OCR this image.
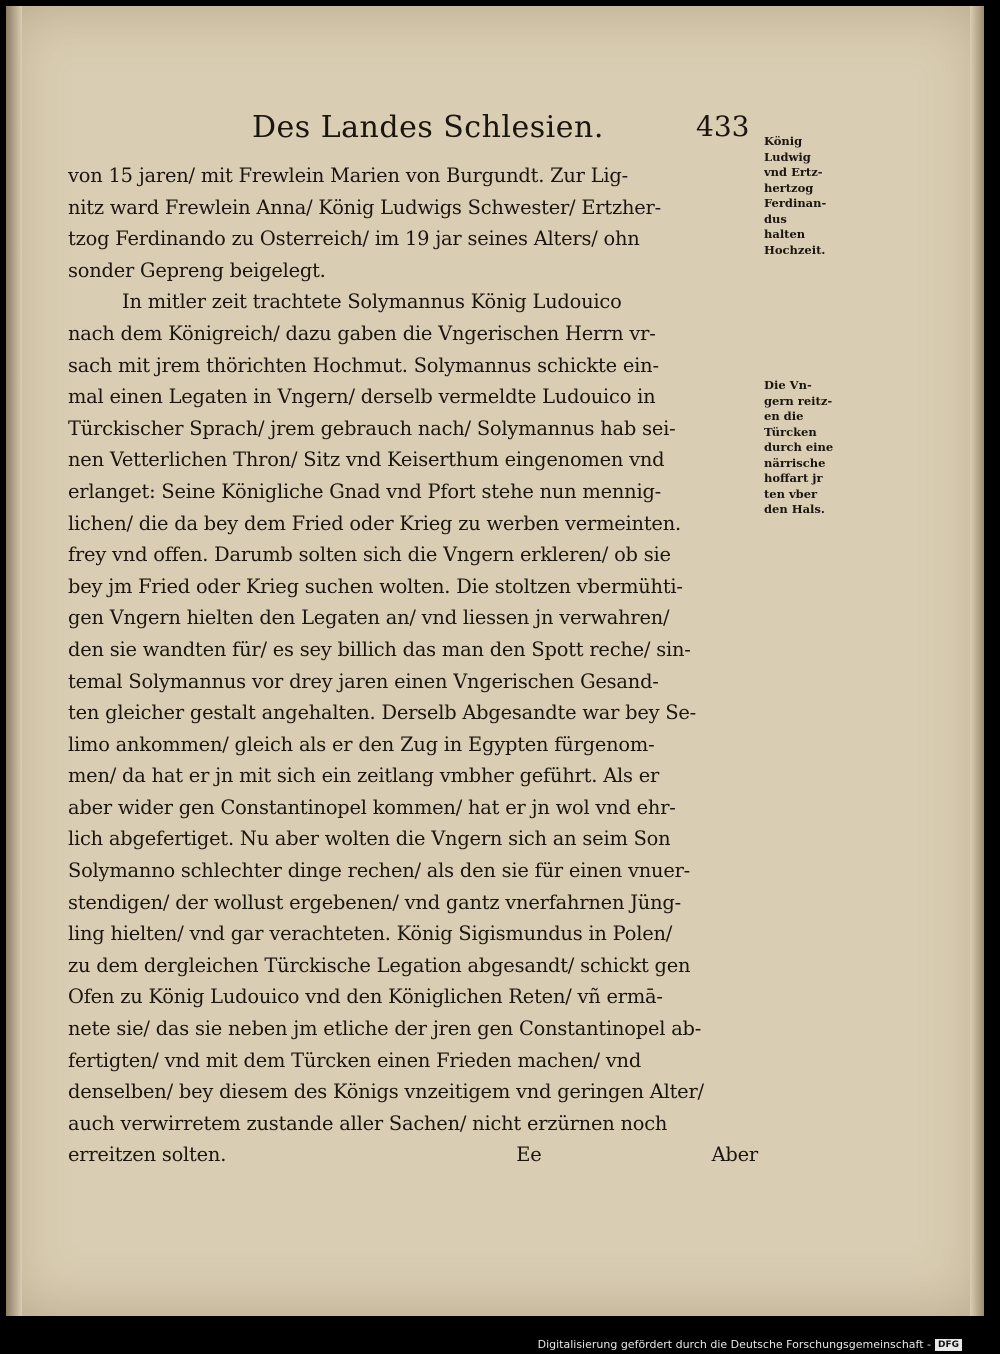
Des Landes Schlesien.	433
von 15 jaren/ mit Frewlein Marien von Burgundt. Zur Lig-
nitz ward Frewlein Anna/ König Ludwigs Schwester/ Ertzher-
tzog Ferdinando zu Osterreich/ im 19 jar seines Alters/ ohn
sonder Gepreng beigelegt.
In mitler zeit trachtete Solymannus König Ludouico
nach dem Königreich/ dazu gaben die Vngerischen Herrn vr-
sach mit jrem thörichten Hochmut. Solymannus schickte ein-
mal einen Legaten in Vngern/ derselb vermeldte Ludouico in
Türckischer Sprach/ jrem gebrauch nach/ Solymannus hab sei-
nen Vetterlichen Thron/ Sitz vnd Keiserthum eingenomen vnd
erlanget: Seine Königliche Gnad vnd Pfort stehe nun mennig-
lichen/ die da bey dem Fried oder Krieg zu werben vermeinten.
frey vnd offen. Darumb solten sich die Vngern erkleren/ ob sie
bey jm Fried oder Krieg suchen wolten. Die stoltzen vbermühti-
gen Vngern hielten den Legaten an/ vnd liessen jn verwahren/
den sie wandten für/ es sey billich das man den Spott reche/ sin-
temal Solymannus vor drey jaren einen Vngerischen Gesand-
ten gleicher gestalt angehalten. Derselb Abgesandte war bey Se-
limo ankommen/ gleich als er den Zug in Egypten fürgenom-
men/ da hat er jn mit sich ein zeitlang vmbher geführt. Als er
aber wider gen Constantinopel kommen/ hat er jn wol vnd ehr-
lich abgefertiget. Nu aber wolten die Vngern sich an seim Son
Solymanno schlechter dinge rechen/ als den sie für einen vnuer-
stendigen/ der wollust ergebenen/ vnd gantz vnerfahrnen Jüng-
ling hielten/ vnd gar verachteten. König Sigismundus in Polen/
zu dem dergleichen Türckische Legation abgesandt/ schickt gen
Ofen zu König Ludouico vnd den Königlichen Reten/ vñ ermā-
nete sie/ das sie neben jm etliche der jren gen Constantinopel ab-
fertigten/ vnd mit dem Türcken einen Frieden machen/ vnd
denselben/ bey diesem des Königs vnzeitigem vnd geringen Alter/
auch verwirretem zustande aller Sachen/ nicht erzürnen noch
erreitzen solten.	Ee	Aber
König
Ludwig
vnd Ertz-
hertzog
Ferdinan-
dus
halten
Hochzeit.
Die Vn-
gern reitz-
en die
Türcken
durch eine
närrische
hoffart jr
ten vber
den Hals.
Digitalisierung gefördert durch die Deutsche Forschungsgemeinschaft - DFG
